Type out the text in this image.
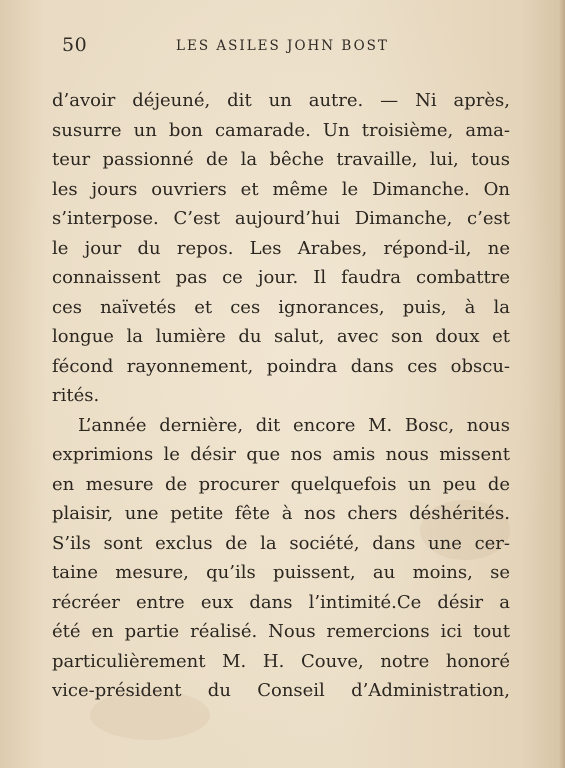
50	LES ASILES JOHN BOST
d’avoir déjeuné, dit un autre. — Ni après,
susurre un bon camarade. Un troisième, ama-
teur passionné de la bêche travaille, lui, tous
les jours ouvriers et même le Dimanche. On
s’interpose. C’est aujourd’hui Dimanche, c’est
le jour du repos. Les Arabes, répond-il, ne
connaissent pas ce jour. Il faudra combattre
ces naïvetés et ces ignorances, puis, à la
longue la lumière du salut, avec son doux et
fécond rayonnement, poindra dans ces obscu-
rités.
L’année dernière, dit encore M. Bosc, nous
exprimions le désir que nos amis nous missent
en mesure de procurer quelquefois un peu de
plaisir, une petite fête à nos chers déshérités.
S’ils sont exclus de la société, dans une cer-
taine mesure, qu’ils puissent, au moins, se
récréer entre eux dans l’intimité.Ce désir a
été en partie réalisé. Nous remercions ici tout
particulièrement M. H. Couve, notre honoré
vice-président du Conseil d’Administration,
